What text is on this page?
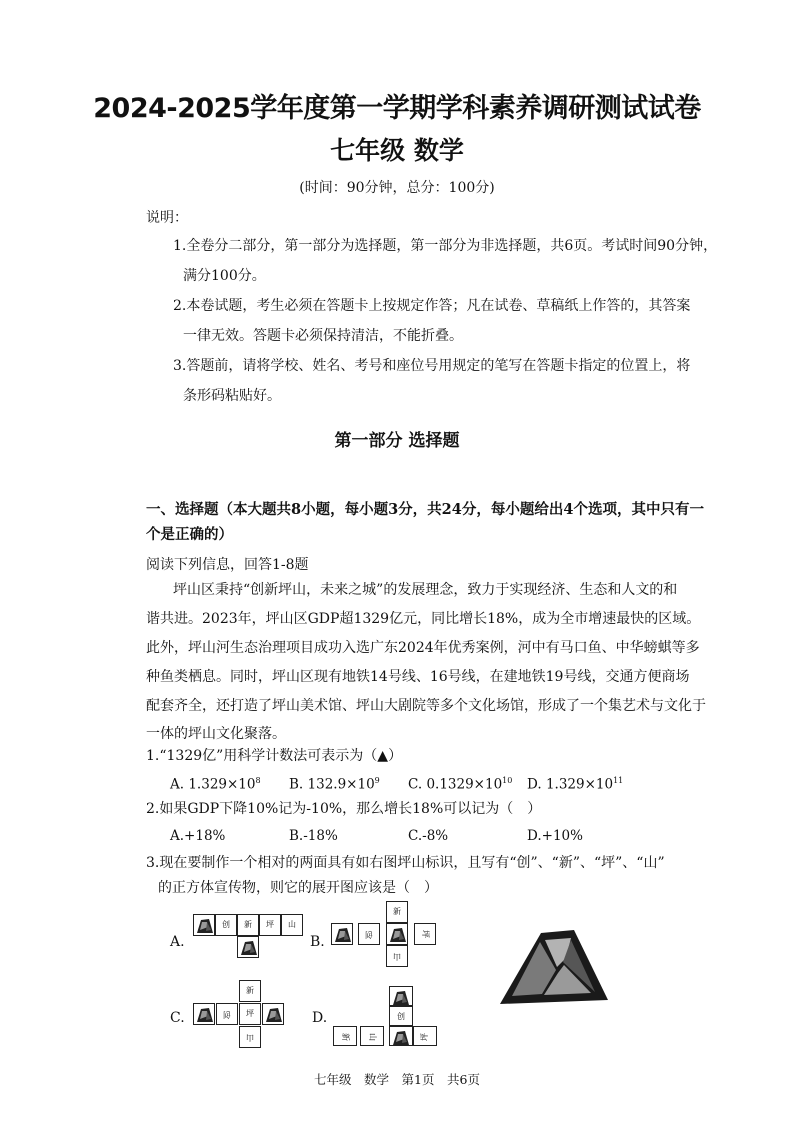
2024-2025学年度第一学期学科素养调研测试试卷
七年级 数学
(时间：90分钟，总分：100分)
说明：
1.全卷分二部分，第一部分为选择题，第一部分为非选择题，共6页。考试时间90分钟，
满分100分。
2.本卷试题，考生必须在答题卡上按规定作答；凡在试卷、草稿纸上作答的，其答案
一律无效。答题卡必须保持清洁，不能折叠。
3.答题前，请将学校、姓名、考号和座位号用规定的笔写在答题卡指定的位置上，将
条形码粘贴好。
第一部分 选择题
一、选择题（本大题共8小题，每小题3分，共24分，每小题给出4个选项，其中只有一
个是正确的）
阅读下列信息，回答1-8题
坪山区秉持“创新坪山，未来之城”的发展理念，致力于实现经济、生态和人文的和
谐共进。2023年，坪山区GDP超1329亿元，同比增长18%，成为全市增速最快的区域。
此外，坪山河生态治理项目成功入选广东2024年优秀案例，河中有马口鱼、中华螃蜞等多
种鱼类栖息。同时，坪山区现有地铁14号线、16号线，在建地铁19号线，交通方便商场
配套齐全，还打造了坪山美术馆、坪山大剧院等多个文化场馆，形成了一个集艺术与文化于
一体的坪山文化聚落。
1.“1329亿”用科学计数法可表示为（▲）
A. $1.329\times 10^8$ B. $132.9\times 10^9$ C. $0.1329\times 10^{10}$ D. $1.329\times 10^{11}$
2.如果GDP下降10%记为-10%，那么增长18%可以记为（　）
A.+18%	B.-18%	C.-8%	D.+10%
3.现在要制作一个相对的两面具有如右图坪山标识，且写有“创”、“新”、“坪”、“山”
的正方体宣传物，则它的展开图应该是（　）
A.
创	新	坪	山
B.
新
创	坪
山
C.
新
创	坪
山
D.	创
新	山	坪
七年级　数学　第1页　共6页
